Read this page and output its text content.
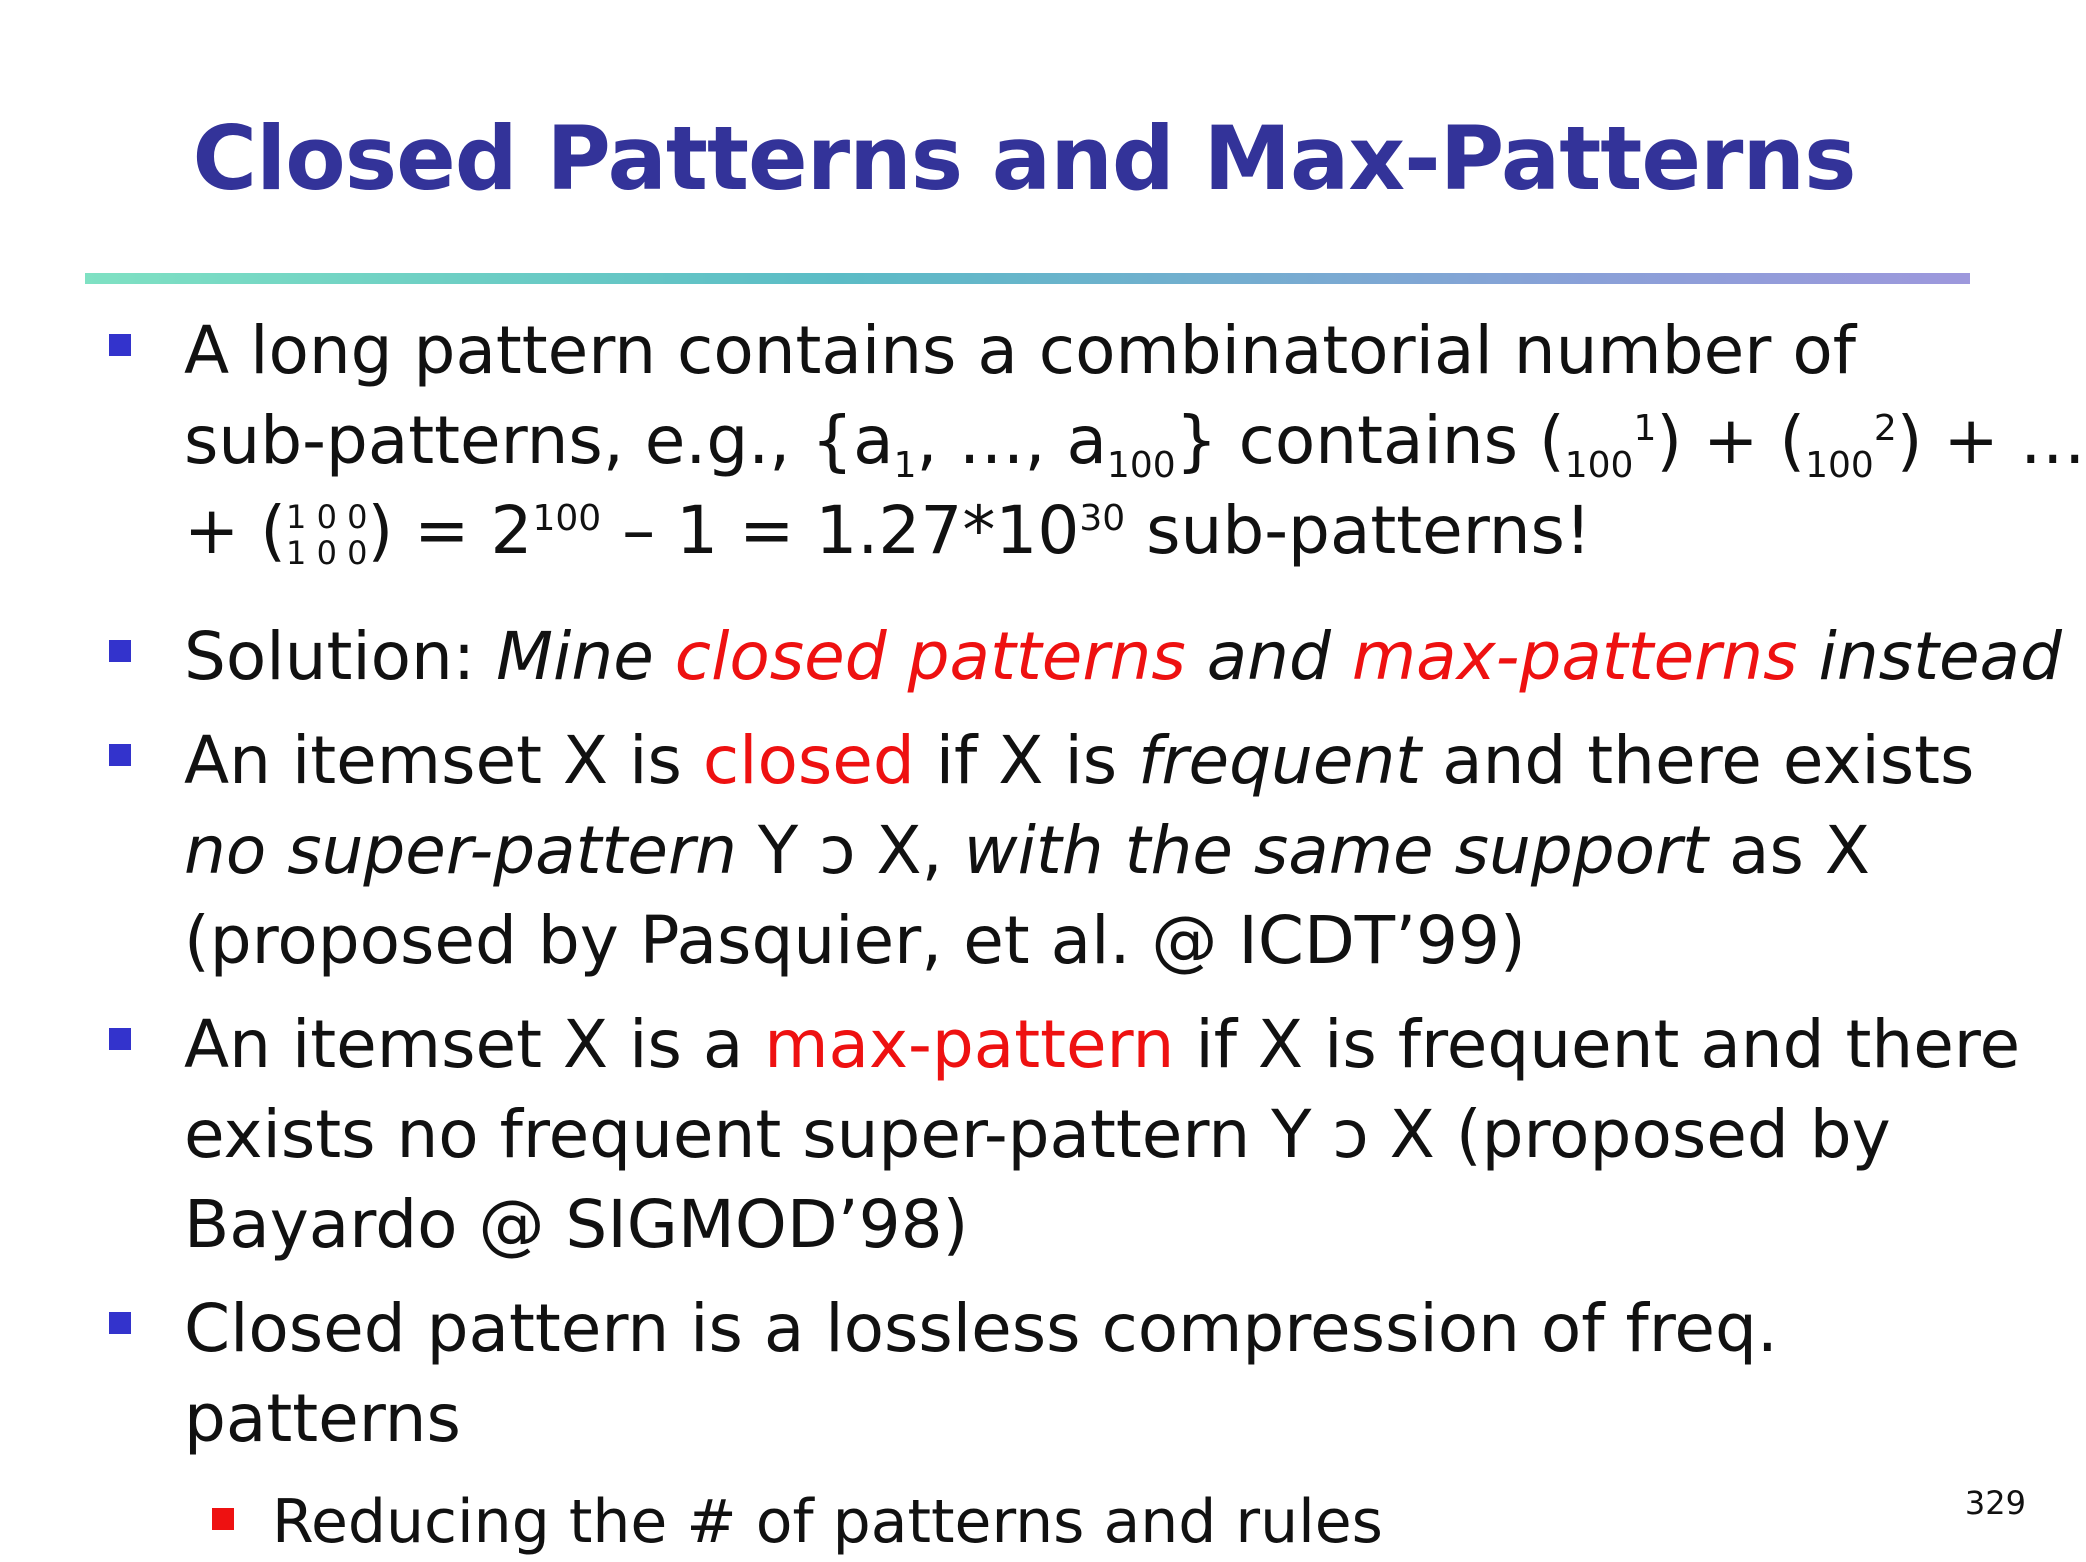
Closed Patterns and Max-Patterns
A long pattern contains a combinatorial number of
sub-patterns, e.g., {$a_1$, …, $a_{100}$} contains $(_{100}^1) + (_{100}^2)$ + …
+ ( 1 0 0
1 0 0 ) = $2^{100} - 1 = 1.27*10^{30}$ sub-patterns!
Solution: Mine closed patterns and max-patterns instead
An itemset X is closed if X is frequent and there exists
no super-pattern Y ɔ X, with the same support as X
(proposed by Pasquier, et al. @ ICDT’99)
An itemset X is a max-pattern if X is frequent and there
exists no frequent super-pattern Y ɔ X (proposed by
Bayardo @ SIGMOD’98)
Closed pattern is a lossless compression of freq.
patterns
Reducing the # of patterns and rules	329
